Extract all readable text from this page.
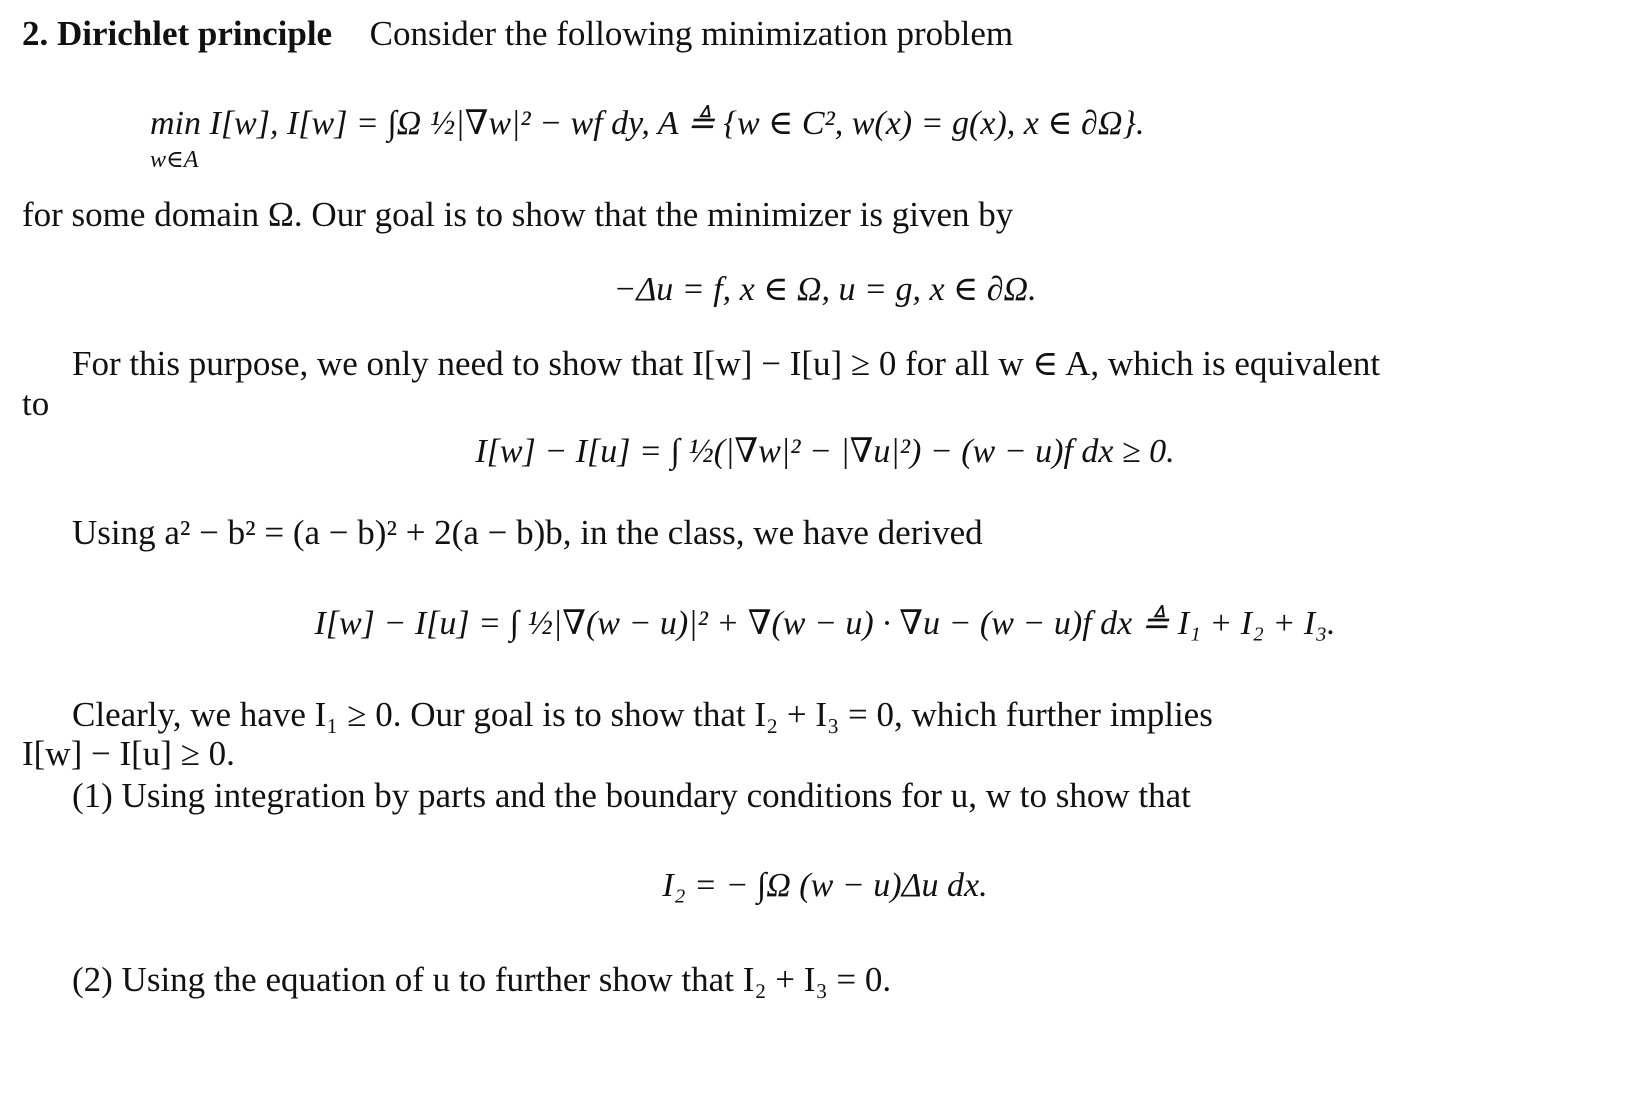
2. Dirichlet principle Consider the following minimization problem
min I[w], I[w] = ∫Ω ½|∇w|² − wf dy, A ≜ {w ∈ C², w(x) = g(x), x ∈ ∂Ω}.
w∈A
for some domain Ω. Our goal is to show that the minimizer is given by
−Δu = f, x ∈ Ω, u = g, x ∈ ∂Ω.
For this purpose, we only need to show that I[w] − I[u] ≥ 0 for all w ∈ A, which is equivalent
to
I[w] − I[u] = ∫ ½(|∇w|² − |∇u|²) − (w − u)f dx ≥ 0.
Using a² − b² = (a − b)² + 2(a − b)b, in the class, we have derived
I[w] − I[u] = ∫ ½|∇(w − u)|² + ∇(w − u) · ∇u − (w − u)f dx ≜ I₁ + I₂ + I₃.
Clearly, we have I₁ ≥ 0. Our goal is to show that I₂ + I₃ = 0, which further implies
I[w] − I[u] ≥ 0.
(1) Using integration by parts and the boundary conditions for u, w to show that
I₂ = − ∫Ω (w − u)Δu dx.
(2) Using the equation of u to further show that I₂ + I₃ = 0.
